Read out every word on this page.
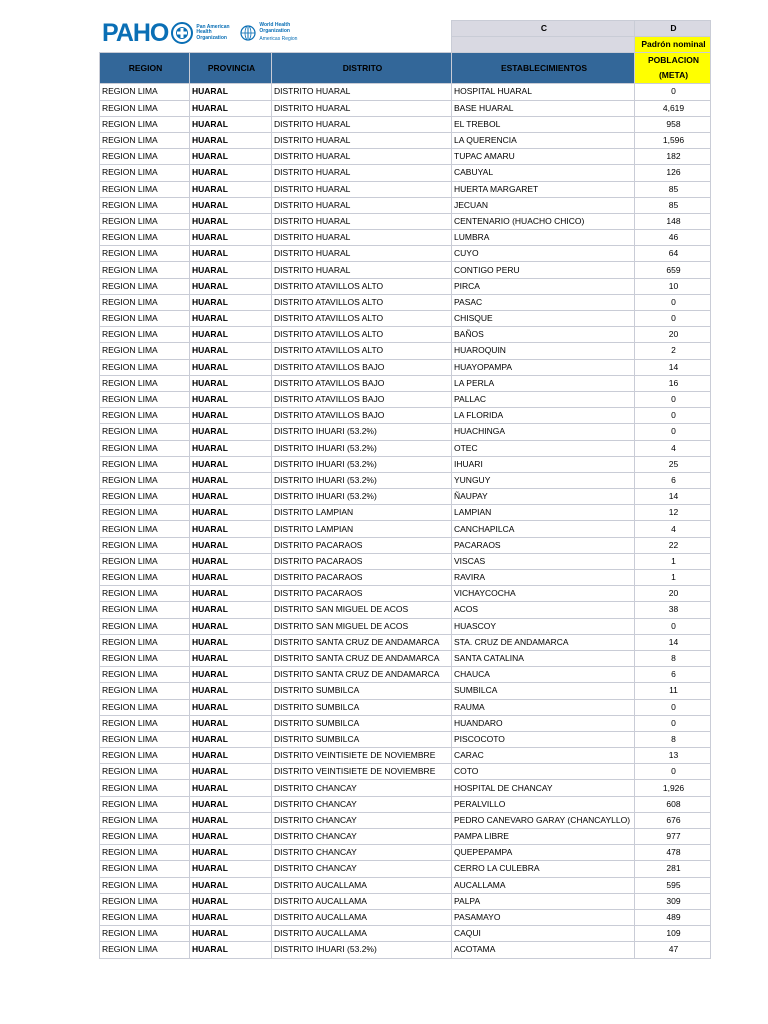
			C	D
				Padrón nominal
REGION	PROVINCIA	DISTRITO	ESTABLECIMIENTOS	POBLACION
(META)
REGION LIMA	HUARAL	DISTRITO HUARAL	HOSPITAL HUARAL	0
REGION LIMA	HUARAL	DISTRITO HUARAL	BASE HUARAL	4,619
REGION LIMA	HUARAL	DISTRITO HUARAL	EL TREBOL	958
REGION LIMA	HUARAL	DISTRITO HUARAL	LA QUERENCIA	1,596
REGION LIMA	HUARAL	DISTRITO HUARAL	TUPAC AMARU	182
REGION LIMA	HUARAL	DISTRITO HUARAL	CABUYAL	126
REGION LIMA	HUARAL	DISTRITO HUARAL	HUERTA MARGARET	85
REGION LIMA	HUARAL	DISTRITO HUARAL	JECUAN	85
REGION LIMA	HUARAL	DISTRITO HUARAL	CENTENARIO (HUACHO CHICO)	148
REGION LIMA	HUARAL	DISTRITO HUARAL	LUMBRA	46
REGION LIMA	HUARAL	DISTRITO HUARAL	CUYO	64
REGION LIMA	HUARAL	DISTRITO HUARAL	CONTIGO PERU	659
REGION LIMA	HUARAL	DISTRITO ATAVILLOS ALTO	PIRCA	10
REGION LIMA	HUARAL	DISTRITO ATAVILLOS ALTO	PASAC	0
REGION LIMA	HUARAL	DISTRITO ATAVILLOS ALTO	CHISQUE	0
REGION LIMA	HUARAL	DISTRITO ATAVILLOS ALTO	BAÑOS	20
REGION LIMA	HUARAL	DISTRITO ATAVILLOS ALTO	HUAROQUIN	2
REGION LIMA	HUARAL	DISTRITO ATAVILLOS BAJO	HUAYOPAMPA	14
REGION LIMA	HUARAL	DISTRITO ATAVILLOS BAJO	LA PERLA	16
REGION LIMA	HUARAL	DISTRITO ATAVILLOS BAJO	PALLAC	0
REGION LIMA	HUARAL	DISTRITO ATAVILLOS BAJO	LA FLORIDA	0
REGION LIMA	HUARAL	DISTRITO IHUARI (53.2%)	HUACHINGA	0
REGION LIMA	HUARAL	DISTRITO IHUARI (53.2%)	OTEC	4
REGION LIMA	HUARAL	DISTRITO IHUARI (53.2%)	IHUARI	25
REGION LIMA	HUARAL	DISTRITO IHUARI (53.2%)	YUNGUY	6
REGION LIMA	HUARAL	DISTRITO IHUARI (53.2%)	ÑAUPAY	14
REGION LIMA	HUARAL	DISTRITO LAMPIAN	LAMPIAN	12
REGION LIMA	HUARAL	DISTRITO LAMPIAN	CANCHAPILCA	4
REGION LIMA	HUARAL	DISTRITO PACARAOS	PACARAOS	22
REGION LIMA	HUARAL	DISTRITO PACARAOS	VISCAS	1
REGION LIMA	HUARAL	DISTRITO PACARAOS	RAVIRA	1
REGION LIMA	HUARAL	DISTRITO PACARAOS	VICHAYCOCHA	20
REGION LIMA	HUARAL	DISTRITO SAN MIGUEL DE ACOS	ACOS	38
REGION LIMA	HUARAL	DISTRITO SAN MIGUEL DE ACOS	HUASCOY	0
REGION LIMA	HUARAL	DISTRITO SANTA CRUZ DE ANDAMARCA	STA. CRUZ DE ANDAMARCA	14
REGION LIMA	HUARAL	DISTRITO SANTA CRUZ DE ANDAMARCA	SANTA CATALINA	8
REGION LIMA	HUARAL	DISTRITO SANTA CRUZ DE ANDAMARCA	CHAUCA	6
REGION LIMA	HUARAL	DISTRITO SUMBILCA	SUMBILCA	11
REGION LIMA	HUARAL	DISTRITO SUMBILCA	RAUMA	0
REGION LIMA	HUARAL	DISTRITO SUMBILCA	HUANDARO	0
REGION LIMA	HUARAL	DISTRITO SUMBILCA	PISCOCOTO	8
REGION LIMA	HUARAL	DISTRITO VEINTISIETE DE NOVIEMBRE	CARAC	13
REGION LIMA	HUARAL	DISTRITO VEINTISIETE DE NOVIEMBRE	COTO	0
REGION LIMA	HUARAL	DISTRITO CHANCAY	HOSPITAL DE CHANCAY	1,926
REGION LIMA	HUARAL	DISTRITO CHANCAY	PERALVILLO	608
REGION LIMA	HUARAL	DISTRITO CHANCAY	PEDRO CANEVARO GARAY (CHANCAYLLO)	676
REGION LIMA	HUARAL	DISTRITO CHANCAY	PAMPA LIBRE	977
REGION LIMA	HUARAL	DISTRITO CHANCAY	QUEPEPAMPA	478
REGION LIMA	HUARAL	DISTRITO CHANCAY	CERRO LA CULEBRA	281
REGION LIMA	HUARAL	DISTRITO AUCALLAMA	AUCALLAMA	595
REGION LIMA	HUARAL	DISTRITO AUCALLAMA	PALPA	309
REGION LIMA	HUARAL	DISTRITO AUCALLAMA	PASAMAYO	489
REGION LIMA	HUARAL	DISTRITO AUCALLAMA	CAQUI	109
REGION LIMA	HUARAL	DISTRITO IHUARI (53.2%)	ACOTAMA	47
PAHO	Pan American
Health
Organization
World Health
Organization
Americas Region
